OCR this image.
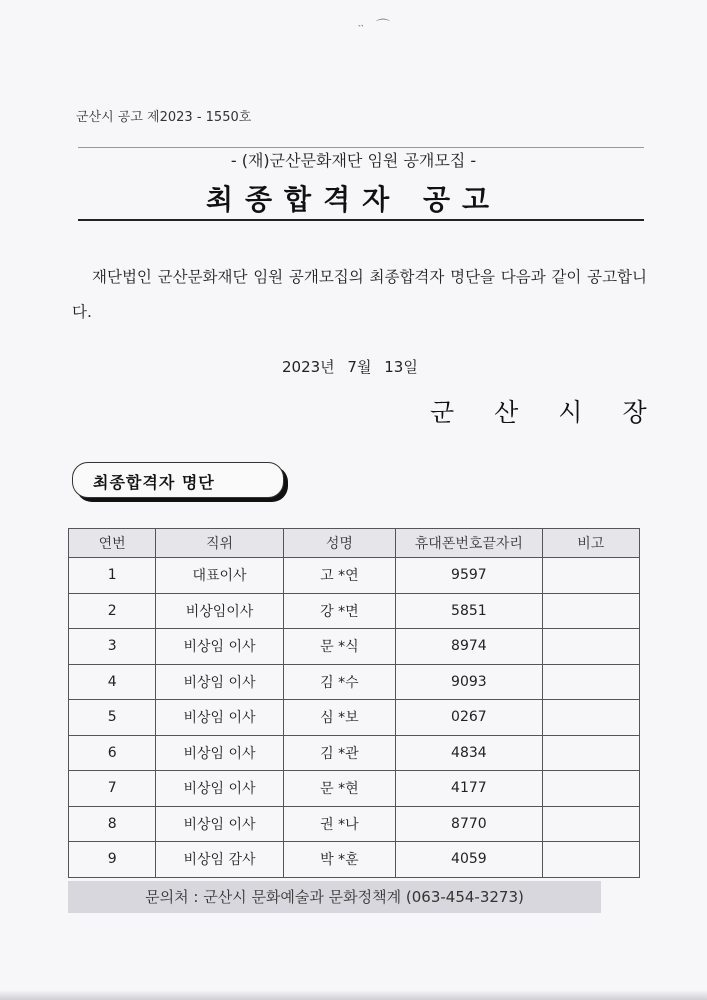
ᆢ ⌒
군산시 공고 제2023 - 1550호
- (재)군산문화재단 임원 공개모집 -
최종합격자 공고
재단법인 군산문화재단 임원 공개모집의 최종합격자 명단을 다음과 같이 공고합니다.
2023년 7월 13일
군산시장
최종합격자 명단
연번	직위	성명	휴대폰번호끝자리	비고
1	대표이사	고 *연	9597	
2	비상임이사	강 *면	5851	
3	비상임 이사	문 *식	8974	
4	비상임 이사	김 *수	9093	
5	비상임 이사	심 *보	0267	
6	비상임 이사	김 *관	4834	
7	비상임 이사	문 *현	4177	
8	비상임 이사	권 *나	8770	
9	비상임 감사	박 *훈	4059	
문의처 : 군산시 문화예술과 문화정책계 (063-454-3273)
